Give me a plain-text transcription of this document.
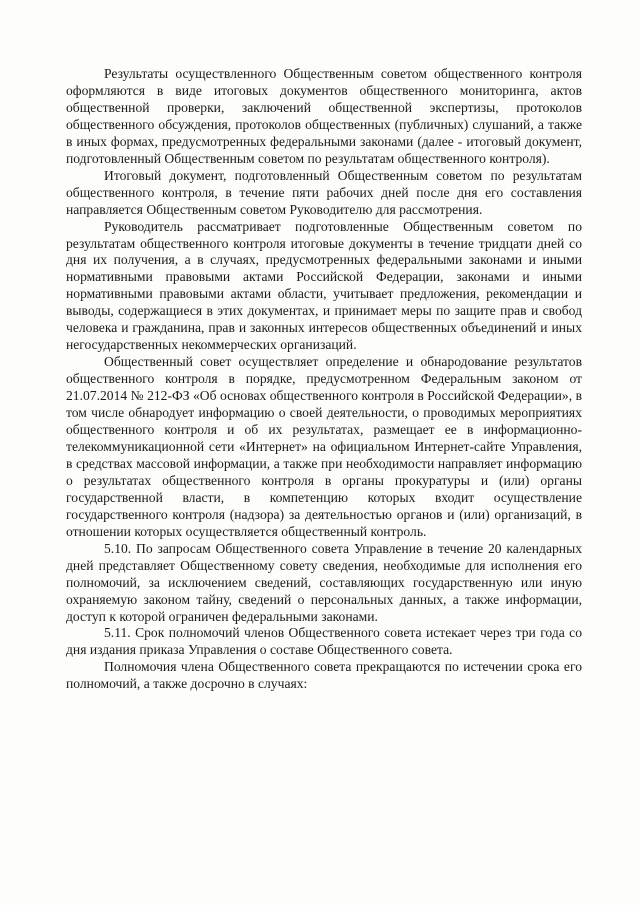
Результаты осуществленного Общественным советом общественного контроля оформляются в виде итоговых документов общественного мониторинга, актов общественной проверки, заключений общественной экспертизы, протоколов общественного обсуждения, протоколов общественных (публичных) слушаний, а также в иных формах, предусмотренных федеральными законами (далее - итоговый документ, подготовленный Общественным советом по результатам общественного контроля).

Итоговый документ, подготовленный Общественным советом по результатам общественного контроля, в течение пяти рабочих дней после дня его составления направляется Общественным советом Руководителю для рассмотрения.

Руководитель рассматривает подготовленные Общественным советом по результатам общественного контроля итоговые документы в течение тридцати дней со дня их получения, а в случаях, предусмотренных федеральными законами и иными нормативными правовыми актами Российской Федерации, законами и иными нормативными правовыми актами области, учитывает предложения, рекомендации и выводы, содержащиеся в этих документах, и принимает меры по защите прав и свобод человека и гражданина, прав и законных интересов общественных объединений и иных негосударственных некоммерческих организаций.

Общественный совет осуществляет определение и обнародование результатов общественного контроля в порядке, предусмотренном Федеральным законом от 21.07.2014 № 212-ФЗ «Об основах общественного контроля в Российской Федерации», в том числе обнародует информацию о своей деятельности, о проводимых мероприятиях общественного контроля и об их результатах, размещает ее в информационно-телекоммуникационной сети «Интернет» на официальном Интернет-сайте Управления, в средствах массовой информации, а также при необходимости направляет информацию о результатах общественного контроля в органы прокуратуры и (или) органы государственной власти, в компетенцию которых входит осуществление государственного контроля (надзора) за деятельностью органов и (или) организаций, в отношении которых осуществляется общественный контроль.

5.10. По запросам Общественного совета Управление в течение 20 календарных дней представляет Общественному совету сведения, необходимые для исполнения его полномочий, за исключением сведений, составляющих государственную или иную охраняемую законом тайну, сведений о персональных данных, а также информации, доступ к которой ограничен федеральными законами.

5.11. Срок полномочий членов Общественного совета истекает через три года со дня издания приказа Управления о составе Общественного совета.

Полномочия члена Общественного совета прекращаются по истечении срока его полномочий, а также досрочно в случаях:
